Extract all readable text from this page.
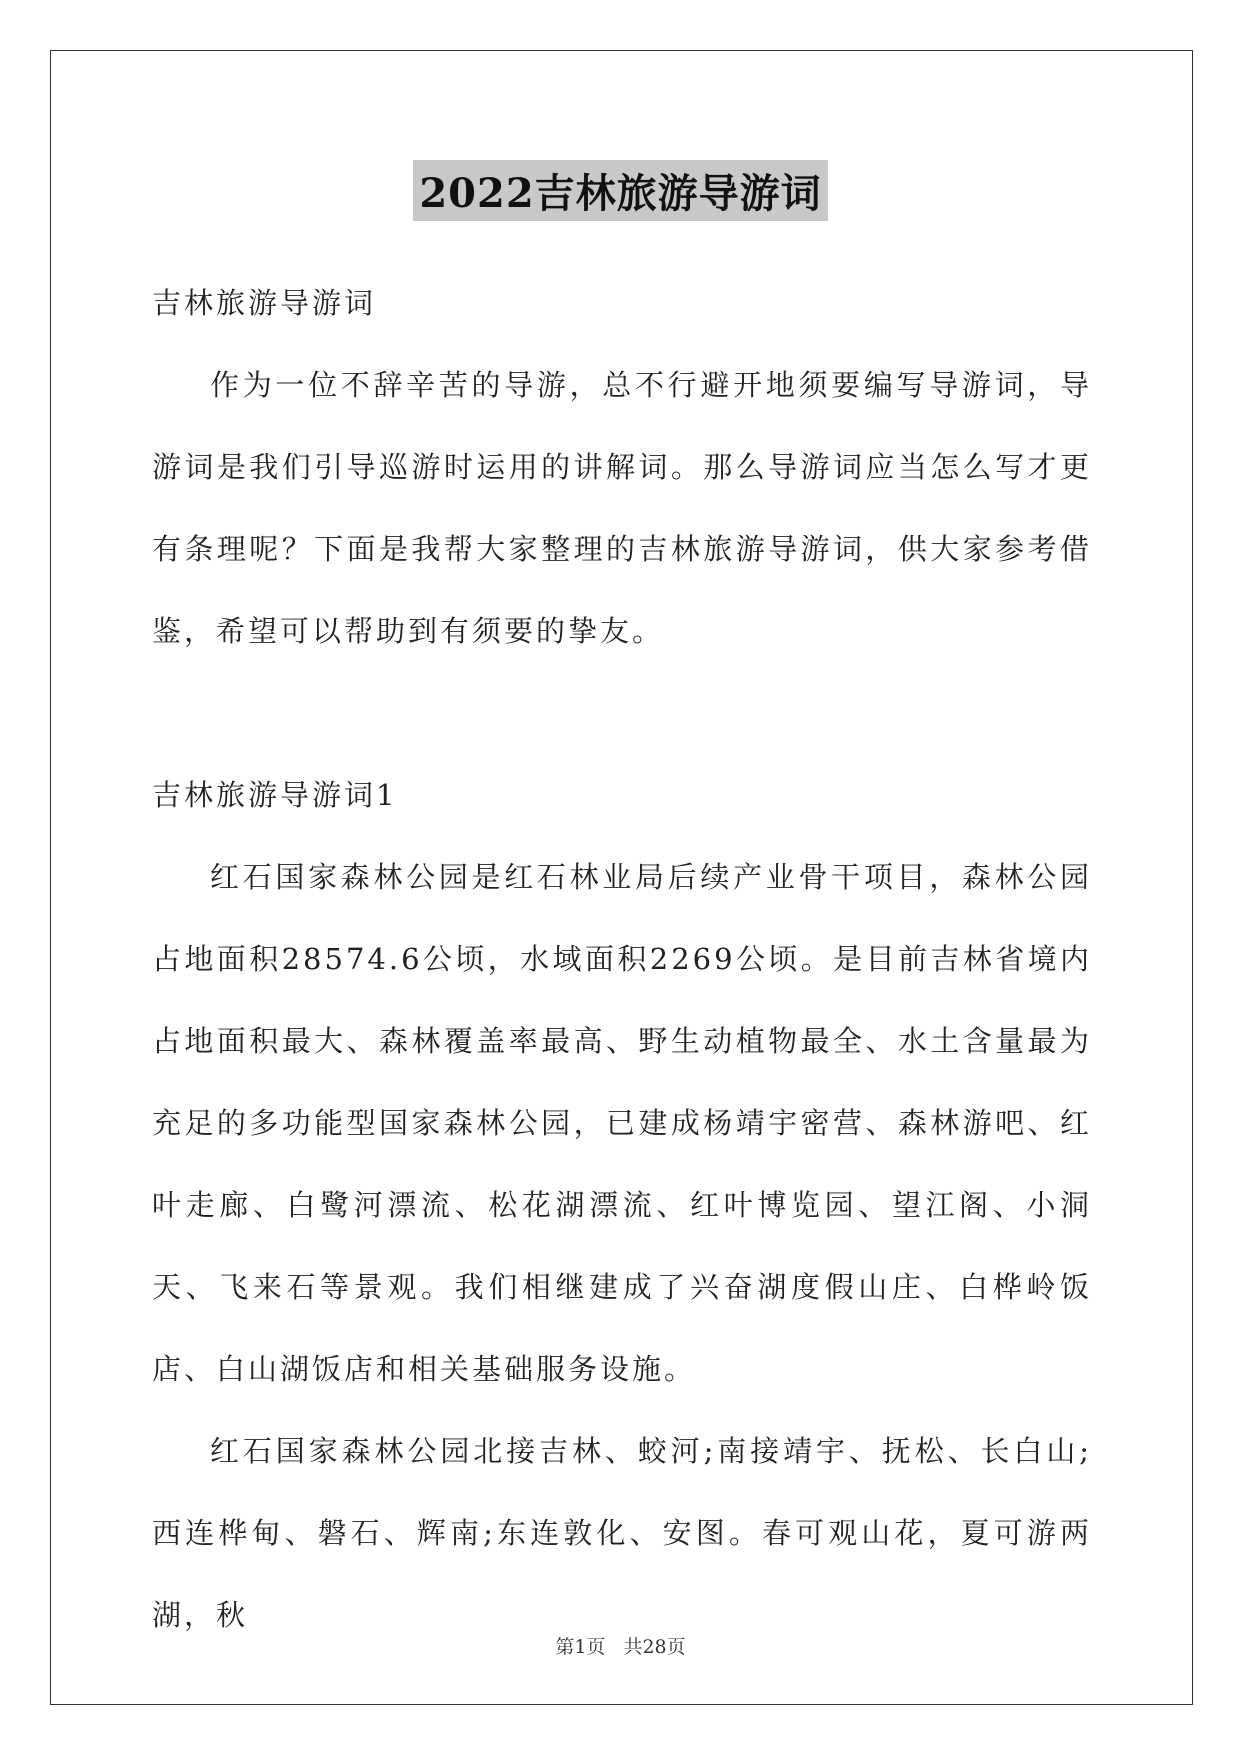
2022吉林旅游导游词

吉林旅游导游词

作为一位不辞辛苦的导游，总不行避开地须要编写导游词，导游词是我们引导巡游时运用的讲解词。那么导游词应当怎么写才更有条理呢？下面是我帮大家整理的吉林旅游导游词，供大家参考借鉴，希望可以帮助到有须要的挚友。

吉林旅游导游词1

红石国家森林公园是红石林业局后续产业骨干项目，森林公园占地面积28574.6公顷，水域面积2269公顷。是目前吉林省境内占地面积最大、森林覆盖率最高、野生动植物最全、水土含量最为充足的多功能型国家森林公园，已建成杨靖宇密营、森林游吧、红叶走廊、白鹭河漂流、松花湖漂流、红叶博览园、望江阁、小洞天、飞来石等景观。我们相继建成了兴奋湖度假山庄、白桦岭饭店、白山湖饭店和相关基础服务设施。

红石国家森林公园北接吉林、蛟河;南接靖宇、抚松、长白山;西连桦甸、磐石、辉南;东连敦化、安图。春可观山花，夏可游两湖，秋

第1页 共28页
